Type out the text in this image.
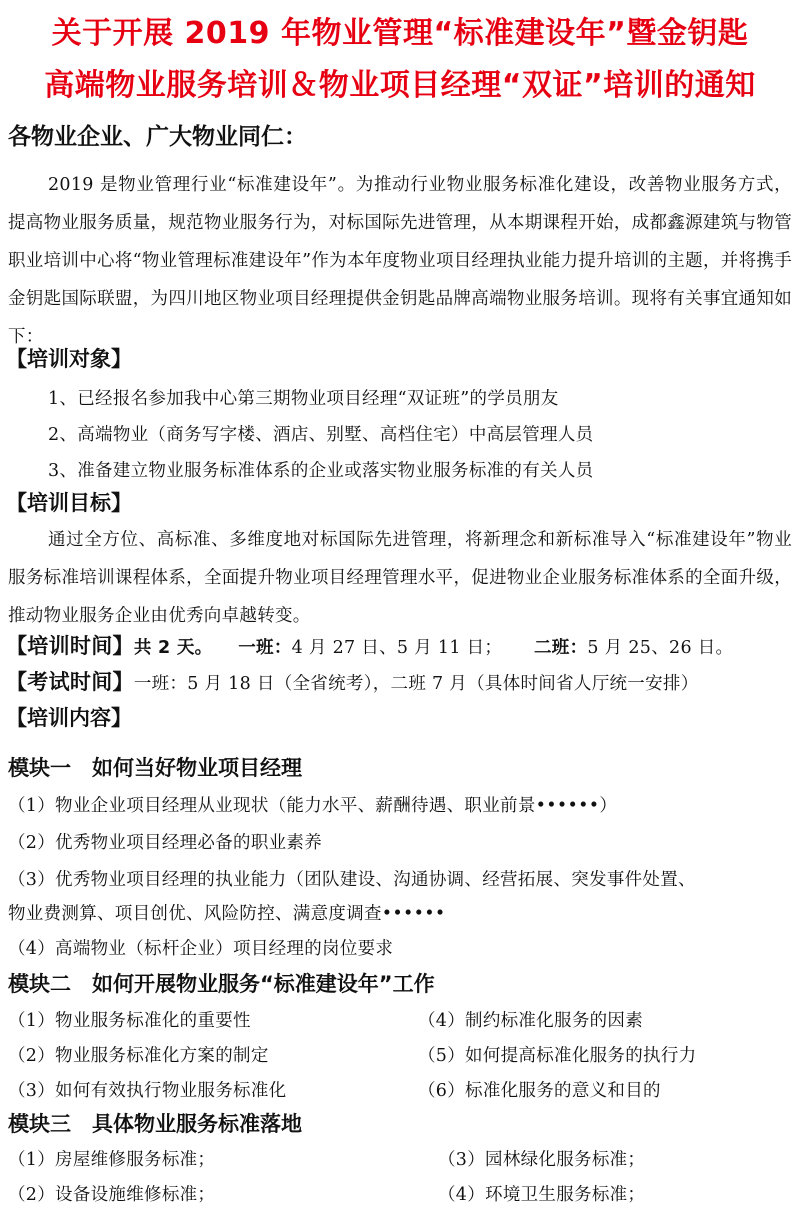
关于开展 2019 年物业管理“标准建设年”暨金钥匙
高端物业服务培训＆物业项目经理“双证”培训的通知
各物业企业、广大物业同仁：
2019 是物业管理行业“标准建设年”。为推动行业物业服务标准化建设，改善物业服务方式，提高物业服务质量，规范物业服务行为，对标国际先进管理，从本期课程开始，成都鑫源建筑与物管职业培训中心将“物业管理标准建设年”作为本年度物业项目经理执业能力提升培训的主题，并将携手金钥匙国际联盟，为四川地区物业项目经理提供金钥匙品牌高端物业服务培训。现将有关事宜通知如下：
【培训对象】
1、已经报名参加我中心第三期物业项目经理“双证班”的学员朋友
2、高端物业（商务写字楼、酒店、别墅、高档住宅）中高层管理人员
3、准备建立物业服务标准体系的企业或落实物业服务标准的有关人员
【培训目标】
通过全方位、高标准、多维度地对标国际先进管理，将新理念和新标准导入“标准建设年”物业服务标准培训课程体系，全面提升物业项目经理管理水平，促进物业企业服务标准体系的全面升级，推动物业服务企业由优秀向卓越转变。
【培训时间】共 2 天。 一班：4 月 27 日、5 月 11 日； 二班：5 月 25、26 日。
【考试时间】一班：5 月 18 日（全省统考），二班 7 月（具体时间省人厅统一安排）
【培训内容】
模块一　如何当好物业项目经理
（1）物业企业项目经理从业现状（能力水平、薪酬待遇、职业前景••••••）
（2）优秀物业项目经理必备的职业素养
（3）优秀物业项目经理的执业能力（团队建设、沟通协调、经营拓展、突发事件处置、
物业费测算、项目创优、风险防控、满意度调查••••••
（4）高端物业（标杆企业）项目经理的岗位要求
模块二　如何开展物业服务“标准建设年”工作
（1）物业服务标准化的重要性
（2）物业服务标准化方案的制定
（3）如何有效执行物业服务标准化
（4）制约标准化服务的因素
（5）如何提高标准化服务的执行力
（6）标准化服务的意义和目的
模块三　具体物业服务标准落地
（1）房屋维修服务标准；
（2）设备设施维修标准；
（3）园林绿化服务标准；
（4）环境卫生服务标准；
